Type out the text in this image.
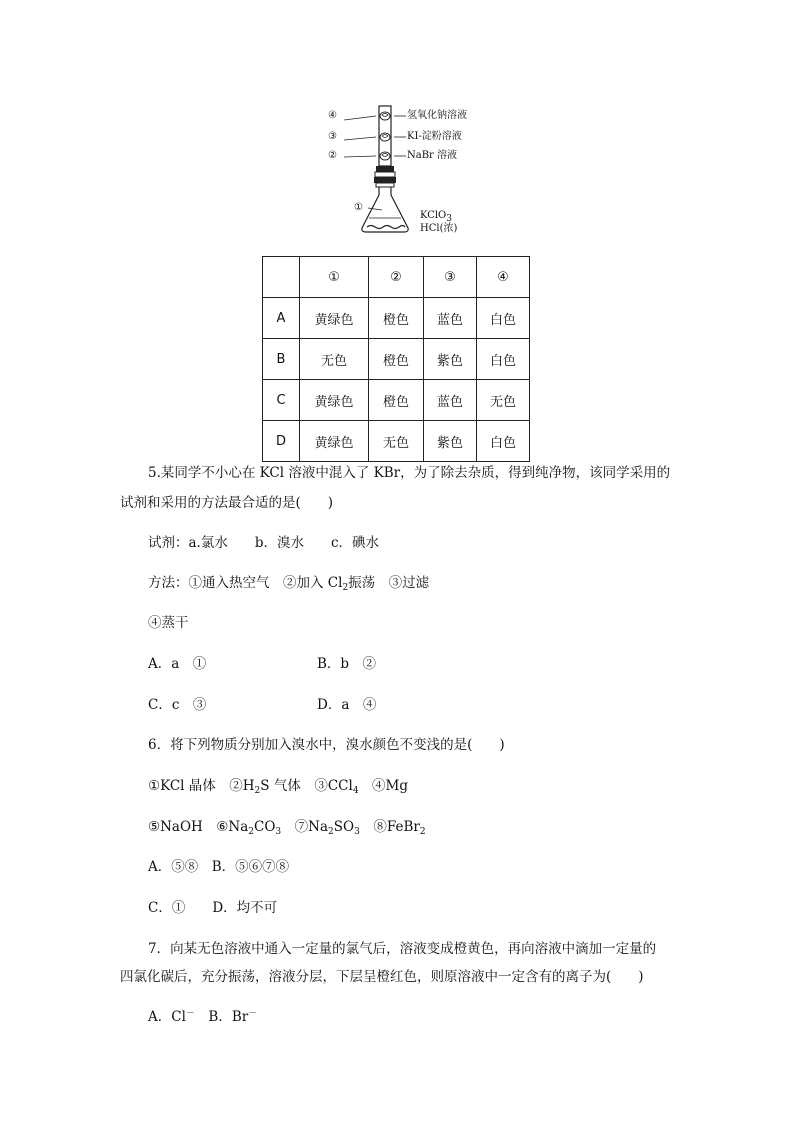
④	氢氧化钠溶液
③	KI-淀粉溶液
②	NaBr 溶液
①
KClO$_3$
HCl(浓)
	①	②	③	④
A	黄绿色	橙色	蓝色	白色
B	无色	橙色	紫色	白色
C	黄绿色	橙色	蓝色	无色
D	黄绿色	无色	紫色	白色
5.某同学不小心在 KCl 溶液中混入了 KBr，为了除去杂质，得到纯净物，该同学采用的
试剂和采用的方法最合适的是(　　)
试剂：a.氯水　　b．溴水　　c．碘水
方法：①通入热空气　②加入 $Cl_2$振荡　③过滤
④蒸干
A．a　①	B．b　②
C．c　③	D．a　④
6．将下列物质分别加入溴水中，溴水颜色不变浅的是(　　)
①KCl 晶体　$②H_2S$ 气体　③CCl$_4$　④Mg
⑤NaOH　$⑥Na_2CO_3$　$⑦Na_2SO_3$　⑧FeBr$_2$
A．⑤⑧　B．⑤⑥⑦⑧
C．①　　D．均不可
7．向某无色溶液中通入一定量的氯气后，溶液变成橙黄色，再向溶液中滴加一定量的
四氯化碳后，充分振荡，溶液分层，下层呈橙红色，则原溶液中一定含有的离子为(　　)
A．Cl－　B．Br－
